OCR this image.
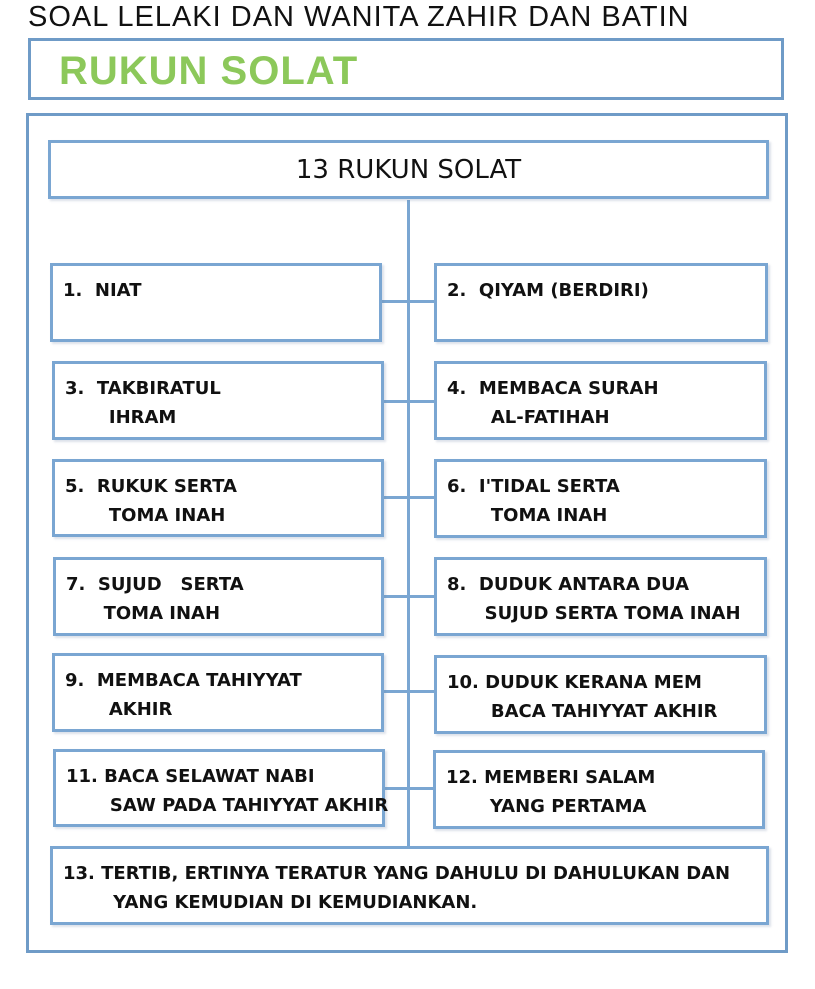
SOAL LELAKI DAN WANITA ZAHIR DAN BATIN
RUKUN SOLAT
13 RUKUN SOLAT
1.  NIAT	2.  QIYAM (BERDIRI)
3.  TAKBIRATUL
IHRAM
4.  MEMBACA SURAH
AL-FATIHAH
5.  RUKUK SERTA
TOMA INAH
6.  I'TIDAL SERTA
TOMA INAH
7.  SUJUD   SERTA
TOMA INAH
8.  DUDUK ANTARA DUA
SUJUD SERTA TOMA INAH
9.  MEMBACA TAHIYYAT
AKHIR
10. DUDUK KERANA MEM
BACA TAHIYYAT AKHIR
11. BACA SELAWAT NABI
SAW PADA TAHIYYAT AKHIR
12. MEMBERI SALAM
YANG PERTAMA
13. TERTIB, ERTINYA TERATUR YANG DAHULU DI DAHULUKAN DAN
YANG KEMUDIAN DI KEMUDIANKAN.
